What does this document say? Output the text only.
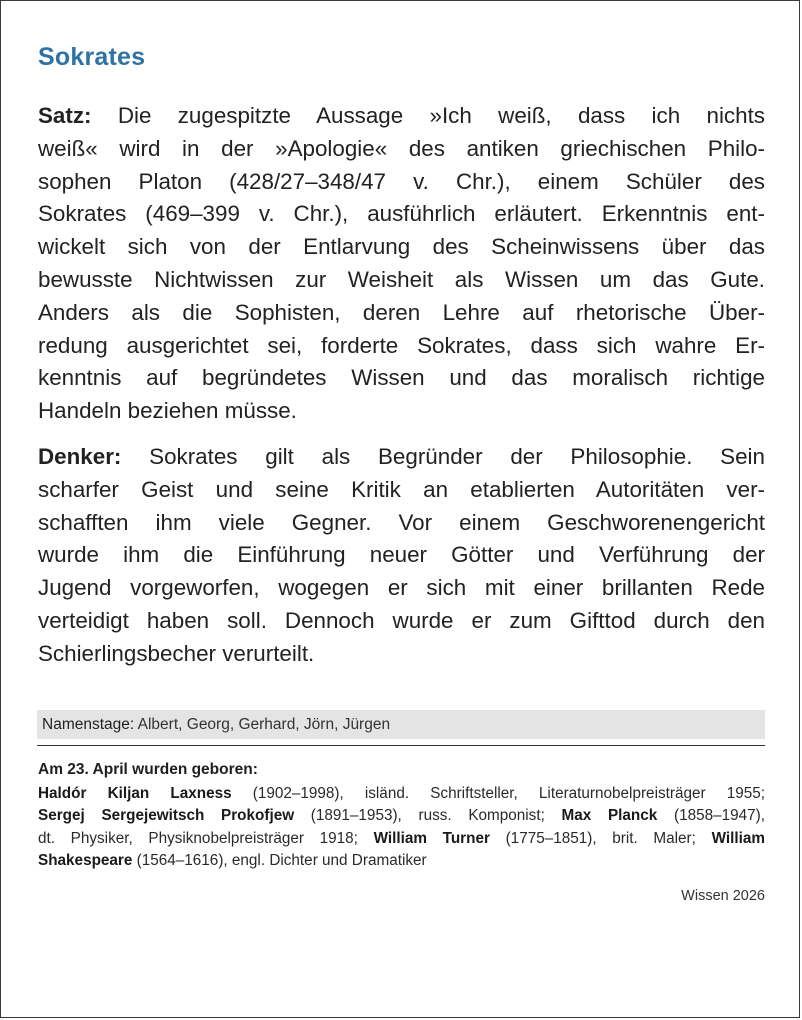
Sokrates

Satz: Die zugespitzte Aussage »Ich weiß, dass ich nichts
weiß« wird in der »Apologie« des antiken griechischen Philo-
sophen Platon (428/27–348/47 v. Chr.), einem Schüler des
Sokrates (469–399 v. Chr.), ausführlich erläutert. Erkenntnis ent-
wickelt sich von der Entlarvung des Scheinwissens über das
bewusste Nichtwissen zur Weisheit als Wissen um das Gute.
Anders als die Sophisten, deren Lehre auf rhetorische Über-
redung ausgerichtet sei, forderte Sokrates, dass sich wahre Er-
kenntnis auf begründetes Wissen und das moralisch richtige
Handeln beziehen müsse.

Denker: Sokrates gilt als Begründer der Philosophie. Sein
scharfer Geist und seine Kritik an etablierten Autoritäten ver-
schafften ihm viele Gegner. Vor einem Geschworenengericht
wurde ihm die Einführung neuer Götter und Verführung der
Jugend vorgeworfen, wogegen er sich mit einer brillanten Rede
verteidigt haben soll. Dennoch wurde er zum Gifttod durch den
Schierlingsbecher verurteilt.

Namenstage: Albert, Georg, Gerhard, Jörn, Jürgen
Am 23. April wurden geboren:

Haldór Kiljan Laxness (1902–1998), isländ. Schriftsteller, Literaturnobelpreisträger 1955;
Sergej Sergejewitsch Prokofjew (1891–1953), russ. Komponist; Max Planck (1858–1947),
dt. Physiker, Physiknobelpreisträger 1918; William Turner (1775–1851), brit. Maler; William
Shakespeare (1564–1616), engl. Dichter und Dramatiker

Wissen 2026
